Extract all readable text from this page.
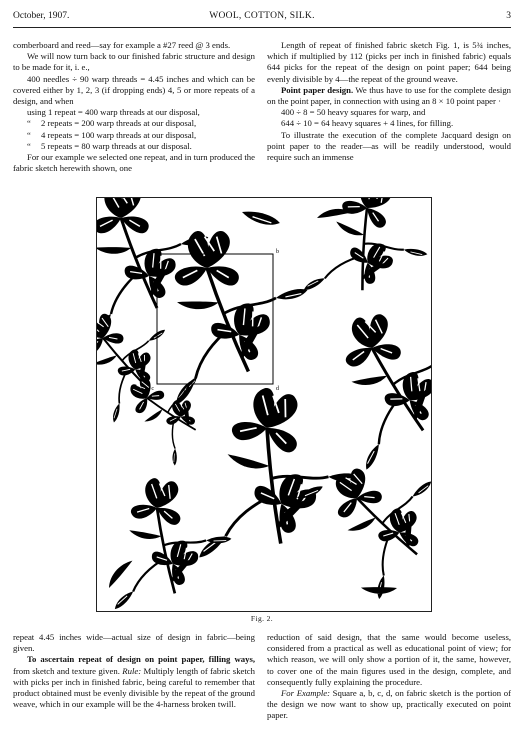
October, 1907.	WOOL, COTTON, SILK.	3

comberboard and reed—say for example a #27 reed @ 3 ends.

We will now turn back to our finished fabric structure and design to be made for it, i. e.,

400 needles ÷ 90 warp threads = 4.45 inches and which can be covered either by 1, 2, 3 (if dropping ends) 4, 5 or more repeats of a design, and when

using 1 repeat = 400 warp threads at our disposal,

“ 2 repeats = 200 warp threads at our disposal,

“ 4 repeats = 100 warp threads at our disposal,

“ 5 repeats = 80 warp threads at our disposal.

For our example we selected one repeat, and in turn produced the fabric sketch herewith shown, one

Length of repeat of finished fabric sketch Fig. 1, is 5¾ inches, which if multiplied by 112 (picks per inch in finished fabric) equals 644 picks for the repeat of the design on point paper; 644 being evenly divisible by 4—the repeat of the ground weave.

Point paper design. We thus have to use for the complete design on the point paper, in connection with using an 8 × 10 point paper ·

400 ÷ 8 = 50 heavy squares for warp, and

644 ÷ 10 = 64 heavy squares + 4 lines, for filling.

To illustrate the execution of the complete Jacquard design on point paper to the reader—as will be readily understood, would require such an immense

a	b
c	d
Fig. 2.

repeat 4.45 inches wide—actual size of design in fabric—being given.

To ascertain repeat of design on point paper, filling ways, from sketch and texture given. Rule: Multiply length of fabric sketch with picks per inch in finished fabric, being careful to remember that product obtained must be evenly divisible by the repeat of the ground weave, which in our example will be the 4-harness broken twill.

reduction of said design, that the same would become useless, considered from a practical as well as educational point of view; for which reason, we will only show a portion of it, the same, however, to cover one of the main figures used in the design, complete, and consequently fully explaining the procedure.

For Example: Square a, b, c, d, on fabric sketch is the portion of the design we now want to show up, practically executed on point paper.
